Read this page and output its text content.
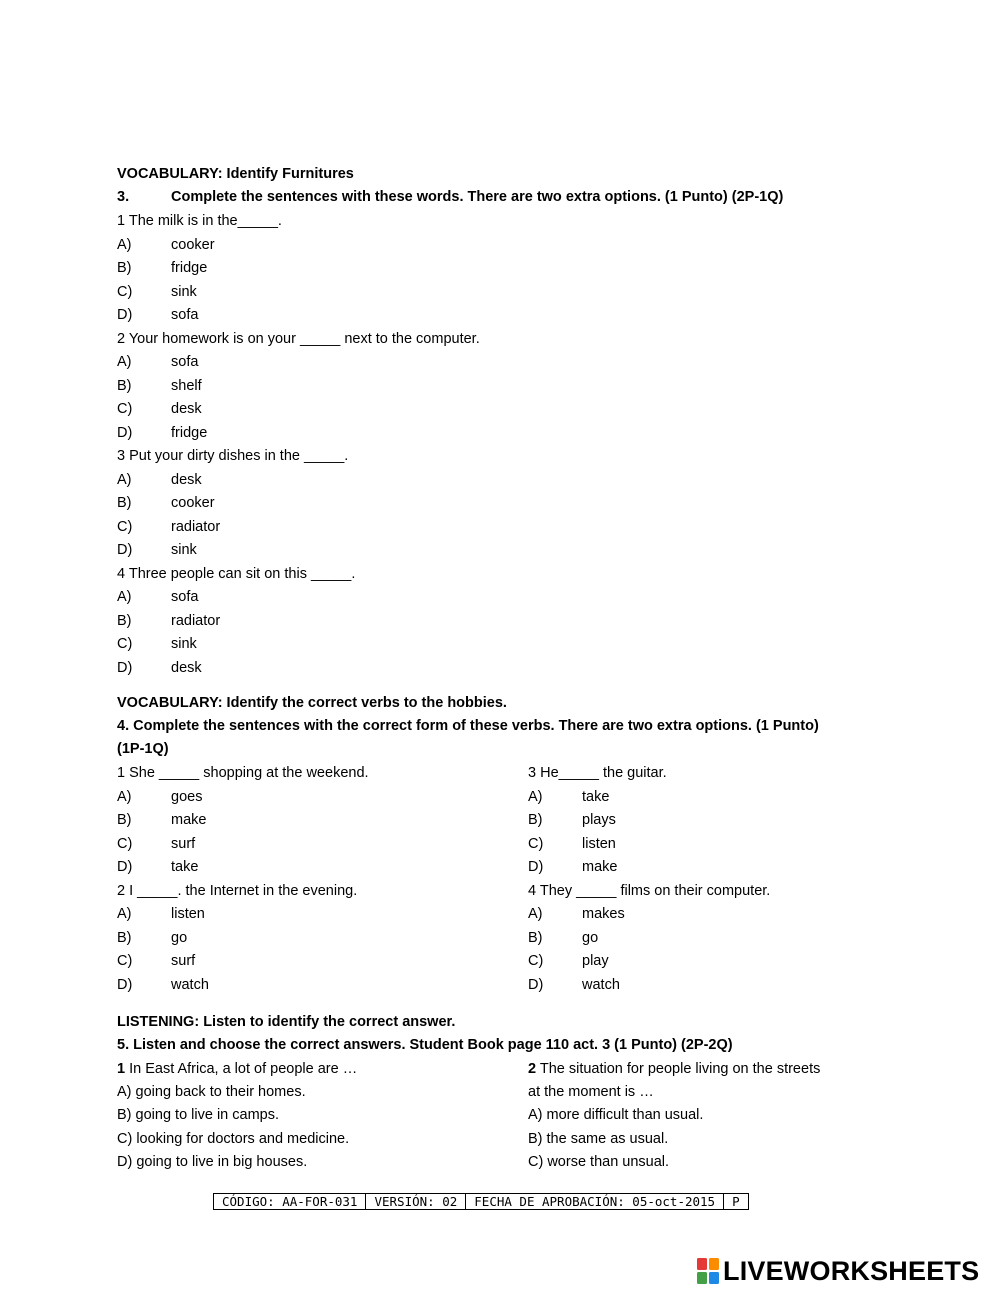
VOCABULARY: Identify Furnitures
3.	Complete the sentences with these words. There are two extra options. (1 Punto) (2P-1Q)
1 The milk is in the_____.
A)	cooker
B)	fridge
C)	sink
D)	sofa
2 Your homework is on your _____ next to the computer.
A)	sofa
B)	shelf
C)	desk
D)	fridge
3 Put your dirty dishes in the _____.
A)	desk
B)	cooker
C)	radiator
D)	sink
4 Three people can sit on this _____.
A)	sofa
B)	radiator
C)	sink
D)	desk
VOCABULARY: Identify the correct verbs to the hobbies.
4. Complete the sentences with the correct form of these verbs. There are two extra options. (1 Punto)
(1P-1Q)
1 She _____ shopping at the weekend.
A)	goes
B)	make
C)	surf
D)	take
2 I _____. the Internet in the evening.
A)	listen
B)	go
C)	surf
D)	watch
3 He_____ the guitar.
A)	take
B)	plays
C)	listen
D)	make
4 They _____ films on their computer.
A)	makes
B)	go
C)	play
D)	watch
LISTENING: Listen to identify the correct answer.
5. Listen and choose the correct answers. Student Book page 110 act. 3 (1 Punto) (2P-2Q)
1 In East Africa, a lot of people are …
A) going back to their homes.
B) going to live in camps.
C) looking for doctors and medicine.
D) going to live in big houses.
2 The situation for people living on the streets
at the moment is …
A) more difficult than usual.
B) the same as usual.
C) worse than unsual.
CÓDIGO: AA-FOR-031	VERSIÓN: 02	FECHA DE APROBACIÓN: 05-oct-2015	P
LIVEWORKSHEETS
